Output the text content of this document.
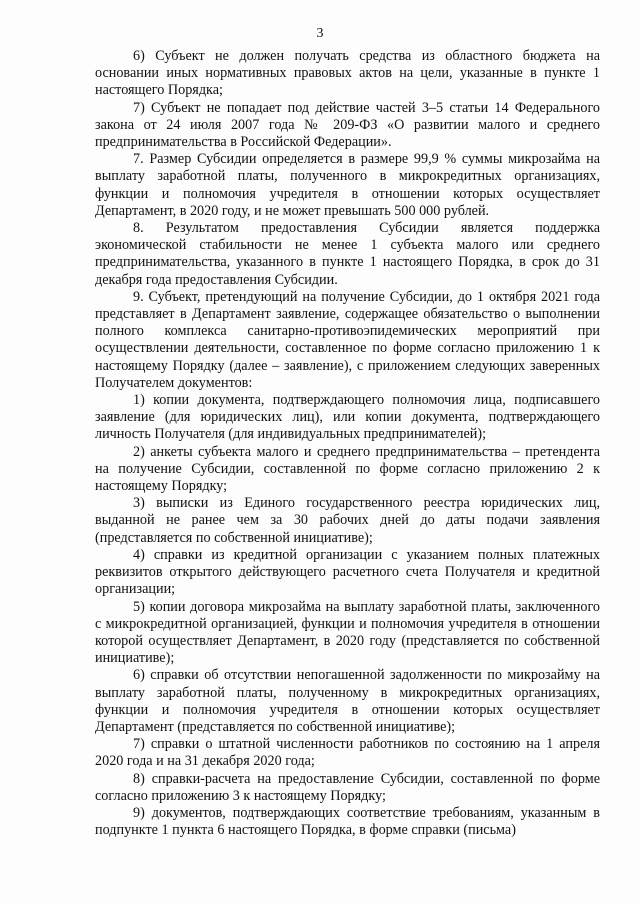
3

6) Субъект не должен получать средства из областного бюджета на основании иных нормативных правовых актов на цели, указанные в пункте 1 настоящего Порядка;

7) Субъект не попадает под действие частей 3–5 статьи 14 Федерального закона от 24 июля 2007 года № 209-ФЗ «О развитии малого и среднего предпринимательства в Российской Федерации».

7. Размер Субсидии определяется в размере 99,9 % суммы микрозайма на выплату заработной платы, полученного в микрокредитных организациях, функции и полномочия учредителя в отношении которых осуществляет Департамент, в 2020 году, и не может превышать 500 000 рублей.

8. Результатом предоставления Субсидии является поддержка экономической стабильности не менее 1 субъекта малого или среднего предпринимательства, указанного в пункте 1 настоящего Порядка, в срок до 31 декабря года предоставления Субсидии.

9. Субъект, претендующий на получение Субсидии, до 1 октября 2021 года представляет в Департамент заявление, содержащее обязательство о выполнении полного комплекса санитарно-противоэпидемических мероприятий при осуществлении деятельности, составленное по форме согласно приложению 1 к настоящему Порядку (далее – заявление), с приложением следующих заверенных Получателем документов:

1) копии документа, подтверждающего полномочия лица, подписавшего заявление (для юридических лиц), или копии документа, подтверждающего личность Получателя (для индивидуальных предпринимателей);

2) анкеты субъекта малого и среднего предпринимательства – претендента на получение Субсидии, составленной по форме согласно приложению 2 к настоящему Порядку;

3) выписки из Единого государственного реестра юридических лиц, выданной не ранее чем за 30 рабочих дней до даты подачи заявления (представляется по собственной инициативе);

4) справки из кредитной организации с указанием полных платежных реквизитов открытого действующего расчетного счета Получателя и кредитной организации;

5) копии договора микрозайма на выплату заработной платы, заключенного с микрокредитной организацией, функции и полномочия учредителя в отношении которой осуществляет Департамент, в 2020 году (представляется по собственной инициативе);

6) справки об отсутствии непогашенной задолженности по микрозайму на выплату заработной платы, полученному в микрокредитных организациях, функции и полномочия учредителя в отношении которых осуществляет Департамент (представляется по собственной инициативе);

7) справки о штатной численности работников по состоянию на 1 апреля 2020 года и на 31 декабря 2020 года;

8) справки-расчета на предоставление Субсидии, составленной по форме согласно приложению 3 к настоящему Порядку;

9) документов, подтверждающих соответствие требованиям, указанным в подпункте 1 пункта 6 настоящего Порядка, в форме справки (письма)
